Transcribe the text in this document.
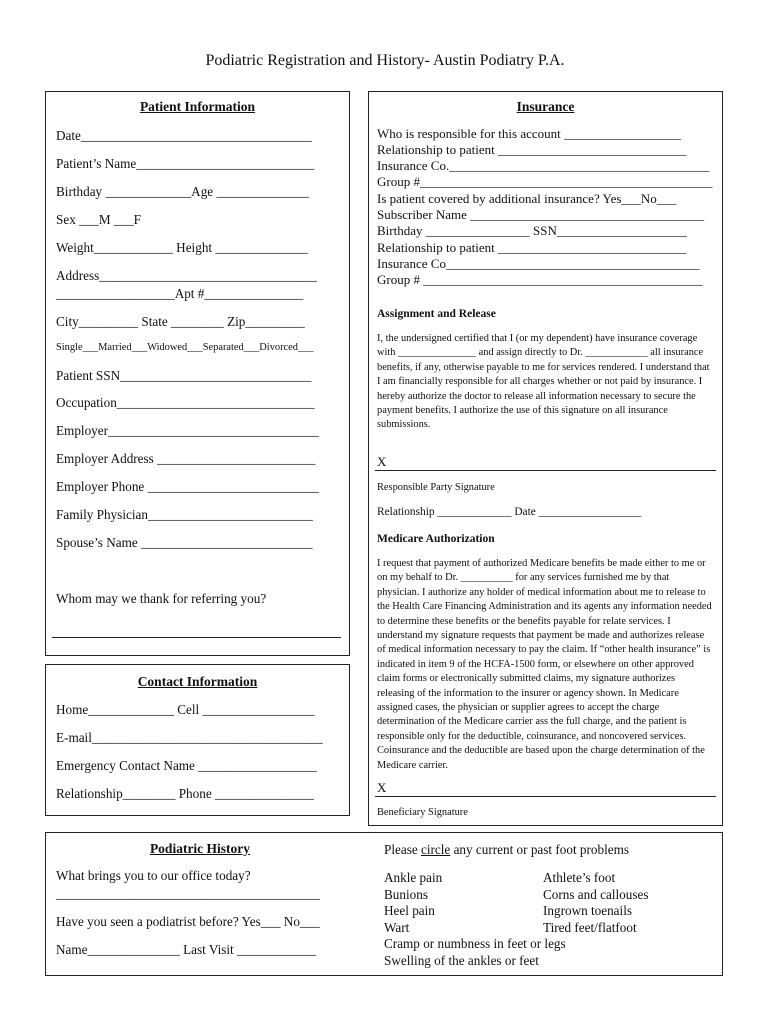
Podiatric Registration and History- Austin Podiatry P.A.
Patient Information
Date___________________________________
Patient’s Name___________________________
Birthday _____________Age ______________
Sex ___M ___F
Weight____________ Height ______________
Address_________________________________
__________________Apt #_______________
City_________ State ________ Zip_________
Single___Married___Widowed___Separated___Divorced___
Patient SSN_____________________________
Occupation______________________________
Employer________________________________
Employer Address ________________________
Employer Phone __________________________
Family Physician_________________________
Spouse’s Name __________________________
Whom may we thank for referring you?
Contact Information
Home_____________ Cell _________________
E-mail___________________________________
Emergency Contact Name __________________
Relationship________ Phone _______________
Insurance
Who is responsible for this account __________________
Relationship to patient _____________________________
Insurance Co.________________________________________
Group #_____________________________________________
Is patient covered by additional insurance? Yes___No___
Subscriber Name ____________________________________
Birthday ________________ SSN____________________
Relationship to patient _____________________________
Insurance Co_______________________________________
Group # ___________________________________________
Assignment and Release
I, the undersigned certified that I (or my dependent) have insurance coverage with _______________ and assign directly to Dr. ____________ all insurance benefits, if any, otherwise payable to me for services rendered. I understand that I am financially responsible for all charges whether or not paid by insurance. I hereby authorize the doctor to release all information necessary to secure the payment benefits. I authorize the use of this signature on all insurance submissions.
X
Responsible Party Signature
Relationship _____________ Date __________________
Medicare Authorization
I request that payment of authorized Medicare benefits be made either to me or on my behalf to Dr. __________ for any services furnished me by that physician. I authorize any holder of medical information about me to release to the Health Care Financing Administration and its agents any information needed to determine these benefits or the benefits payable for relate services. I understand my signature requests that payment be made and authorizes release of medical information necessary to pay the claim. If “other health insurance” is indicated in item 9 of the HCFA-1500 form, or elsewhere on other approved claim forms or electronically submitted claims, my signature authorizes releasing of the information to the insurer or agency shown. In Medicare assigned cases, the physician or supplier agrees to accept the charge determination of the Medicare carrier ass the full charge, and the patient is responsible only for the deductible, coinsurance, and noncovered services. Coinsurance and the deductible are based upon the charge determination of the Medicare carrier.
X
Beneficiary Signature
Podiatric History
What brings you to our office today?
________________________________________
Have you seen a podiatrist before? Yes___ No___
Name______________ Last Visit ____________
Please circle any current or past foot problems
Ankle pain
Bunions
Heel pain
Wart
Athlete’s foot
Corns and callouses
Ingrown toenails
Tired feet/flatfoot
Cramp or numbness in feet or legs
Swelling of the ankles or feet
